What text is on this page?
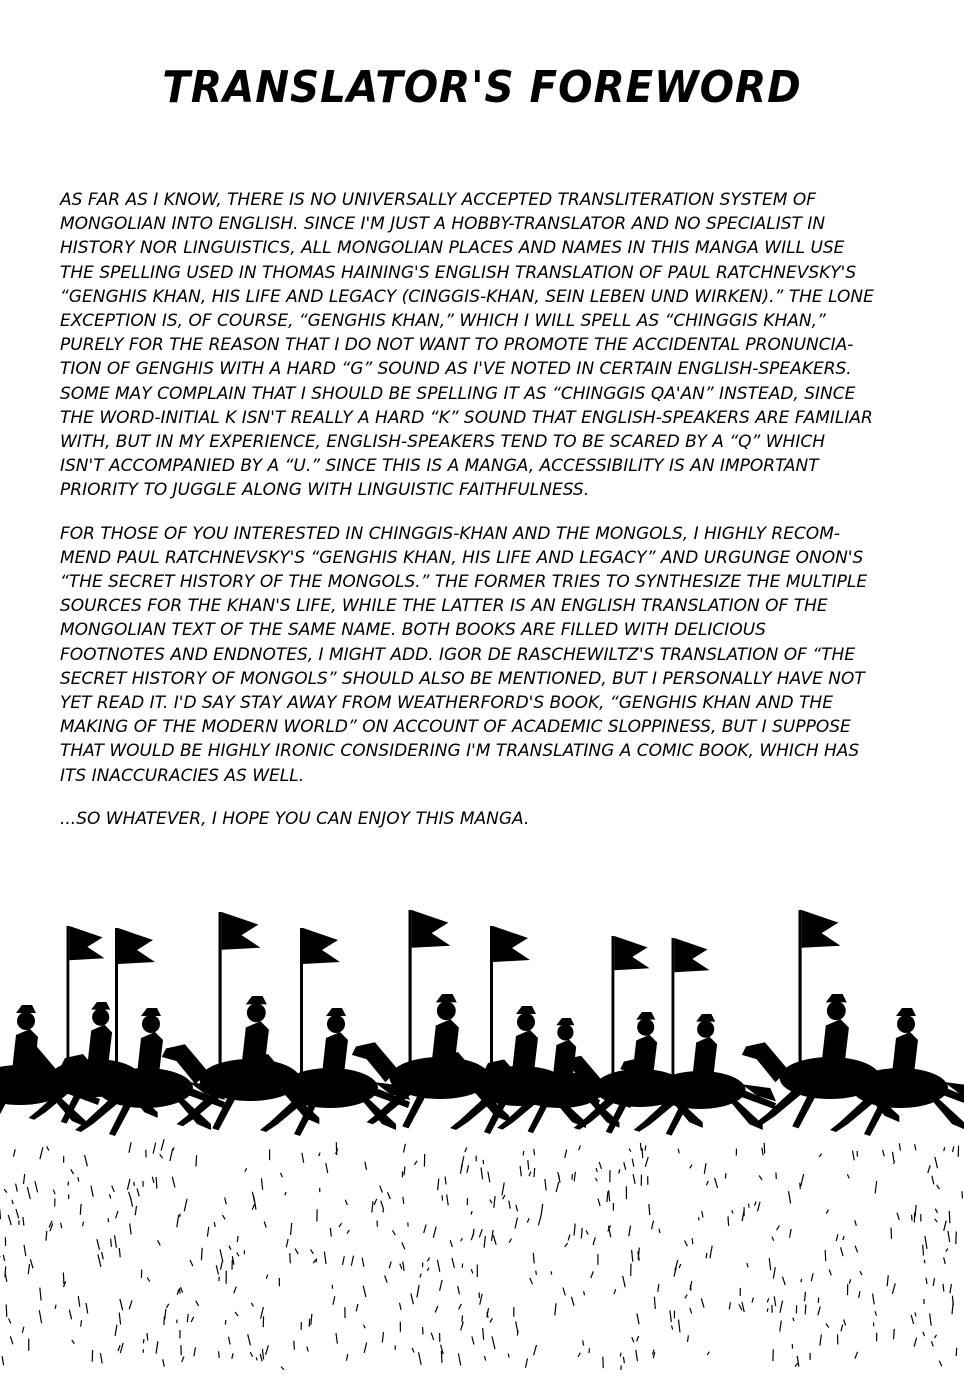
TRANSLATOR'S FOREWORD
AS FAR AS I KNOW, THERE IS NO UNIVERSALLY ACCEPTED TRANSLITERATION SYSTEM OF
MONGOLIAN INTO ENGLISH. SINCE I'M JUST A HOBBY-TRANSLATOR AND NO SPECIALIST IN
HISTORY NOR LINGUISTICS, ALL MONGOLIAN PLACES AND NAMES IN THIS MANGA WILL USE
THE SPELLING USED IN THOMAS HAINING'S ENGLISH TRANSLATION OF PAUL RATCHNEVSKY'S
“GENGHIS KHAN, HIS LIFE AND LEGACY (CINGGIS-KHAN, SEIN LEBEN UND WIRKEN).” THE LONE
EXCEPTION IS, OF COURSE, “GENGHIS KHAN,” WHICH I WILL SPELL AS “CHINGGIS KHAN,”
PURELY FOR THE REASON THAT I DO NOT WANT TO PROMOTE THE ACCIDENTAL PRONUNCIA-
TION OF GENGHIS WITH A HARD “G” SOUND AS I'VE NOTED IN CERTAIN ENGLISH-SPEAKERS.
SOME MAY COMPLAIN THAT I SHOULD BE SPELLING IT AS “CHINGGIS QA'AN” INSTEAD, SINCE
THE WORD-INITIAL K ISN'T REALLY A HARD “K” SOUND THAT ENGLISH-SPEAKERS ARE FAMILIAR
WITH, BUT IN MY EXPERIENCE, ENGLISH-SPEAKERS TEND TO BE SCARED BY A “Q” WHICH
ISN'T ACCOMPANIED BY A “U.” SINCE THIS IS A MANGA, ACCESSIBILITY IS AN IMPORTANT
PRIORITY TO JUGGLE ALONG WITH LINGUISTIC FAITHFULNESS.
FOR THOSE OF YOU INTERESTED IN CHINGGIS-KHAN AND THE MONGOLS, I HIGHLY RECOM-
MEND PAUL RATCHNEVSKY'S “GENGHIS KHAN, HIS LIFE AND LEGACY” AND URGUNGE ONON'S
“THE SECRET HISTORY OF THE MONGOLS.” THE FORMER TRIES TO SYNTHESIZE THE MULTIPLE
SOURCES FOR THE KHAN'S LIFE, WHILE THE LATTER IS AN ENGLISH TRANSLATION OF THE
MONGOLIAN TEXT OF THE SAME NAME. BOTH BOOKS ARE FILLED WITH DELICIOUS
FOOTNOTES AND ENDNOTES, I MIGHT ADD. IGOR DE RASCHEWILTZ'S TRANSLATION OF “THE
SECRET HISTORY OF MONGOLS” SHOULD ALSO BE MENTIONED, BUT I PERSONALLY HAVE NOT
YET READ IT. I'D SAY STAY AWAY FROM WEATHERFORD'S BOOK, “GENGHIS KHAN AND THE
MAKING OF THE MODERN WORLD” ON ACCOUNT OF ACADEMIC SLOPPINESS, BUT I SUPPOSE
THAT WOULD BE HIGHLY IRONIC CONSIDERING I'M TRANSLATING A COMIC BOOK, WHICH HAS
ITS INACCURACIES AS WELL.
...SO WHATEVER, I HOPE YOU CAN ENJOY THIS MANGA.
